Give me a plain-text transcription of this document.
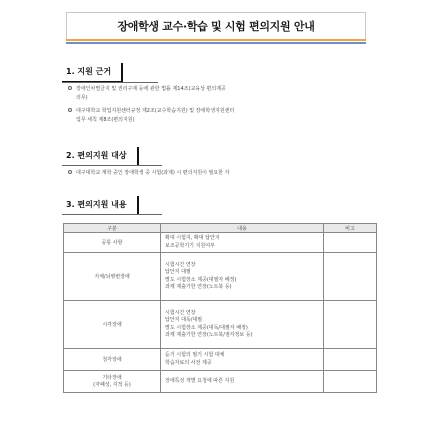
장애학생 교수·학습 및 시험 편의지원 안내
1. 지원 근거
장애인차별금지 및 권리구제 등에 관한 법률 제14조(교육상 편의제공
의무)
대구대학교 학업지원센터규정 제2조(교수학습지원) 및 장애학생지원센터
업무 세칙 제8조(편의지원)
2. 편의지원 대상
대구대학교 재학 중인 장애학생 중 시험(과제) 시 편의지원이 필요한 자
3. 편의지원 내용
구분	내용	비고
공통 사항	확대 시험지, 확대 답안지
보조공학기기 지원여부	

지체/뇌병변장애	시험시간 연장
답안지 대필
별도 시험장소 제공(대필자 배정)
과제 제출기한 연장(노트북 등)	

시각장애	시험시간 연장
답안지 대독/대필
별도 시험장소 제공(대독/대필자 배정)
과제 제출기한 연장(노트북/점자정보 등)	

청각장애	듣기 시험의 필기 시험 대체
학습자료의 사전 제공	

기타장애
(자폐성, 지적 등)	장애특성 개별 요청에 따른 지원	
